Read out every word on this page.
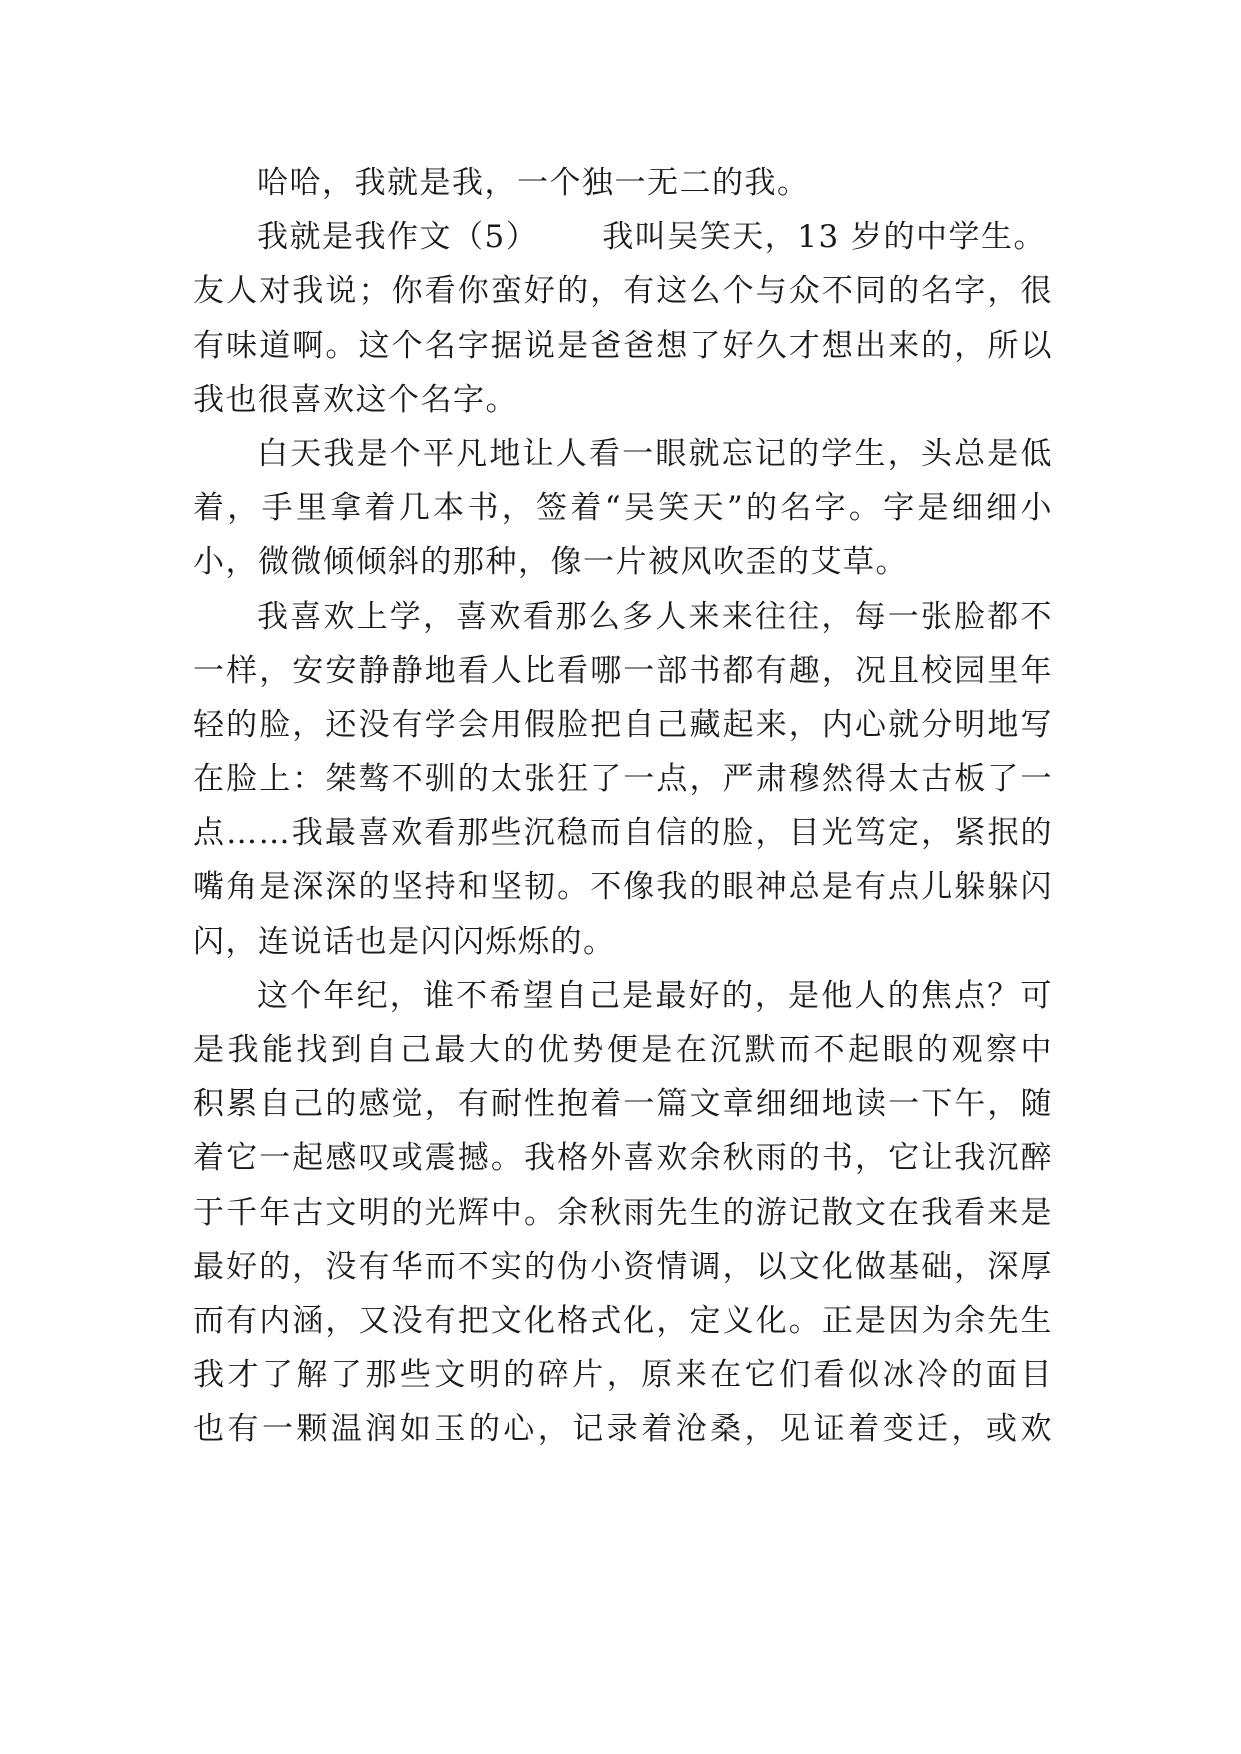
哈哈，我就是我，一个独一无二的我。
我就是我作文（5） 我叫吴笑天，13 岁的中学生。
友人对我说；你看你蛮好的，有这么个与众不同的名字，很
有味道啊。这个名字据说是爸爸想了好久才想出来的，所以
我也很喜欢这个名字。
白天我是个平凡地让人看一眼就忘记的学生，头总是低
着，手里拿着几本书，签着“吴笑天”的名字。字是细细小
小，微微倾倾斜的那种，像一片被风吹歪的艾草。
我喜欢上学，喜欢看那么多人来来往往，每一张脸都不
一样，安安静静地看人比看哪一部书都有趣，况且校园里年
轻的脸，还没有学会用假脸把自己藏起来，内心就分明地写
在脸上：桀骜不驯的太张狂了一点，严肃穆然得太古板了一
点……我最喜欢看那些沉稳而自信的脸，目光笃定，紧抿的
嘴角是深深的坚持和坚韧。不像我的眼神总是有点儿躲躲闪
闪，连说话也是闪闪烁烁的。
这个年纪，谁不希望自己是最好的，是他人的焦点？可
是我能找到自己最大的优势便是在沉默而不起眼的观察中
积累自己的感觉，有耐性抱着一篇文章细细地读一下午，随
着它一起感叹或震撼。我格外喜欢余秋雨的书，它让我沉醉
于千年古文明的光辉中。余秋雨先生的游记散文在我看来是
最好的，没有华而不实的伪小资情调，以文化做基础，深厚
而有内涵，又没有把文化格式化，定义化。正是因为余先生
我才了解了那些文明的碎片，原来在它们看似冰冷的面目
也有一颗温润如玉的心，记录着沧桑，见证着变迁，或欢
